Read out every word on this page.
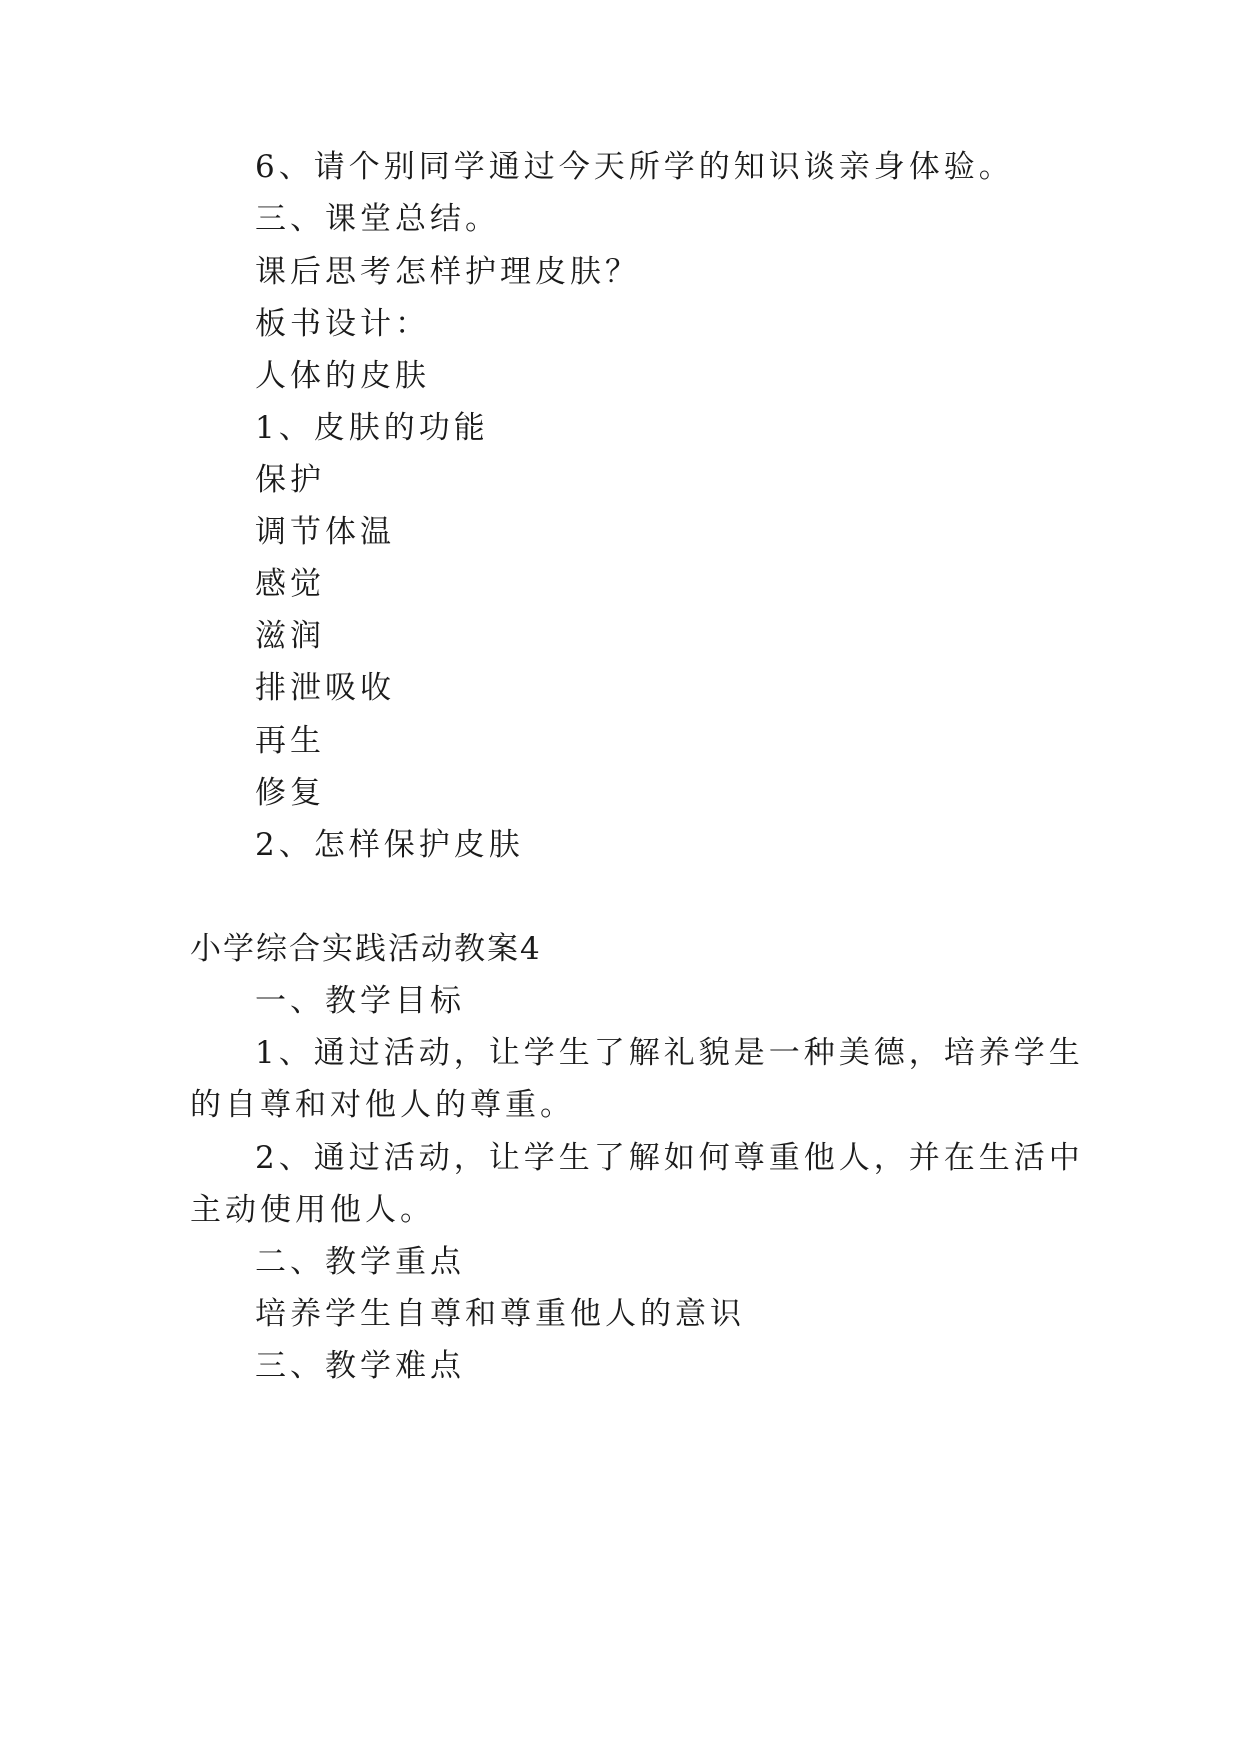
6、请个别同学通过今天所学的知识谈亲身体验。
三、课堂总结。
课后思考怎样护理皮肤？
板书设计：
人体的皮肤
1、皮肤的功能
保护
调节体温
感觉
滋润
排泄吸收
再生
修复
2、怎样保护皮肤
小学综合实践活动教案4
一、教学目标
1、通过活动，让学生了解礼貌是一种美德，培养学生
的自尊和对他人的尊重。
2、通过活动，让学生了解如何尊重他人，并在生活中
主动使用他人。
二、教学重点
培养学生自尊和尊重他人的意识
三、教学难点
